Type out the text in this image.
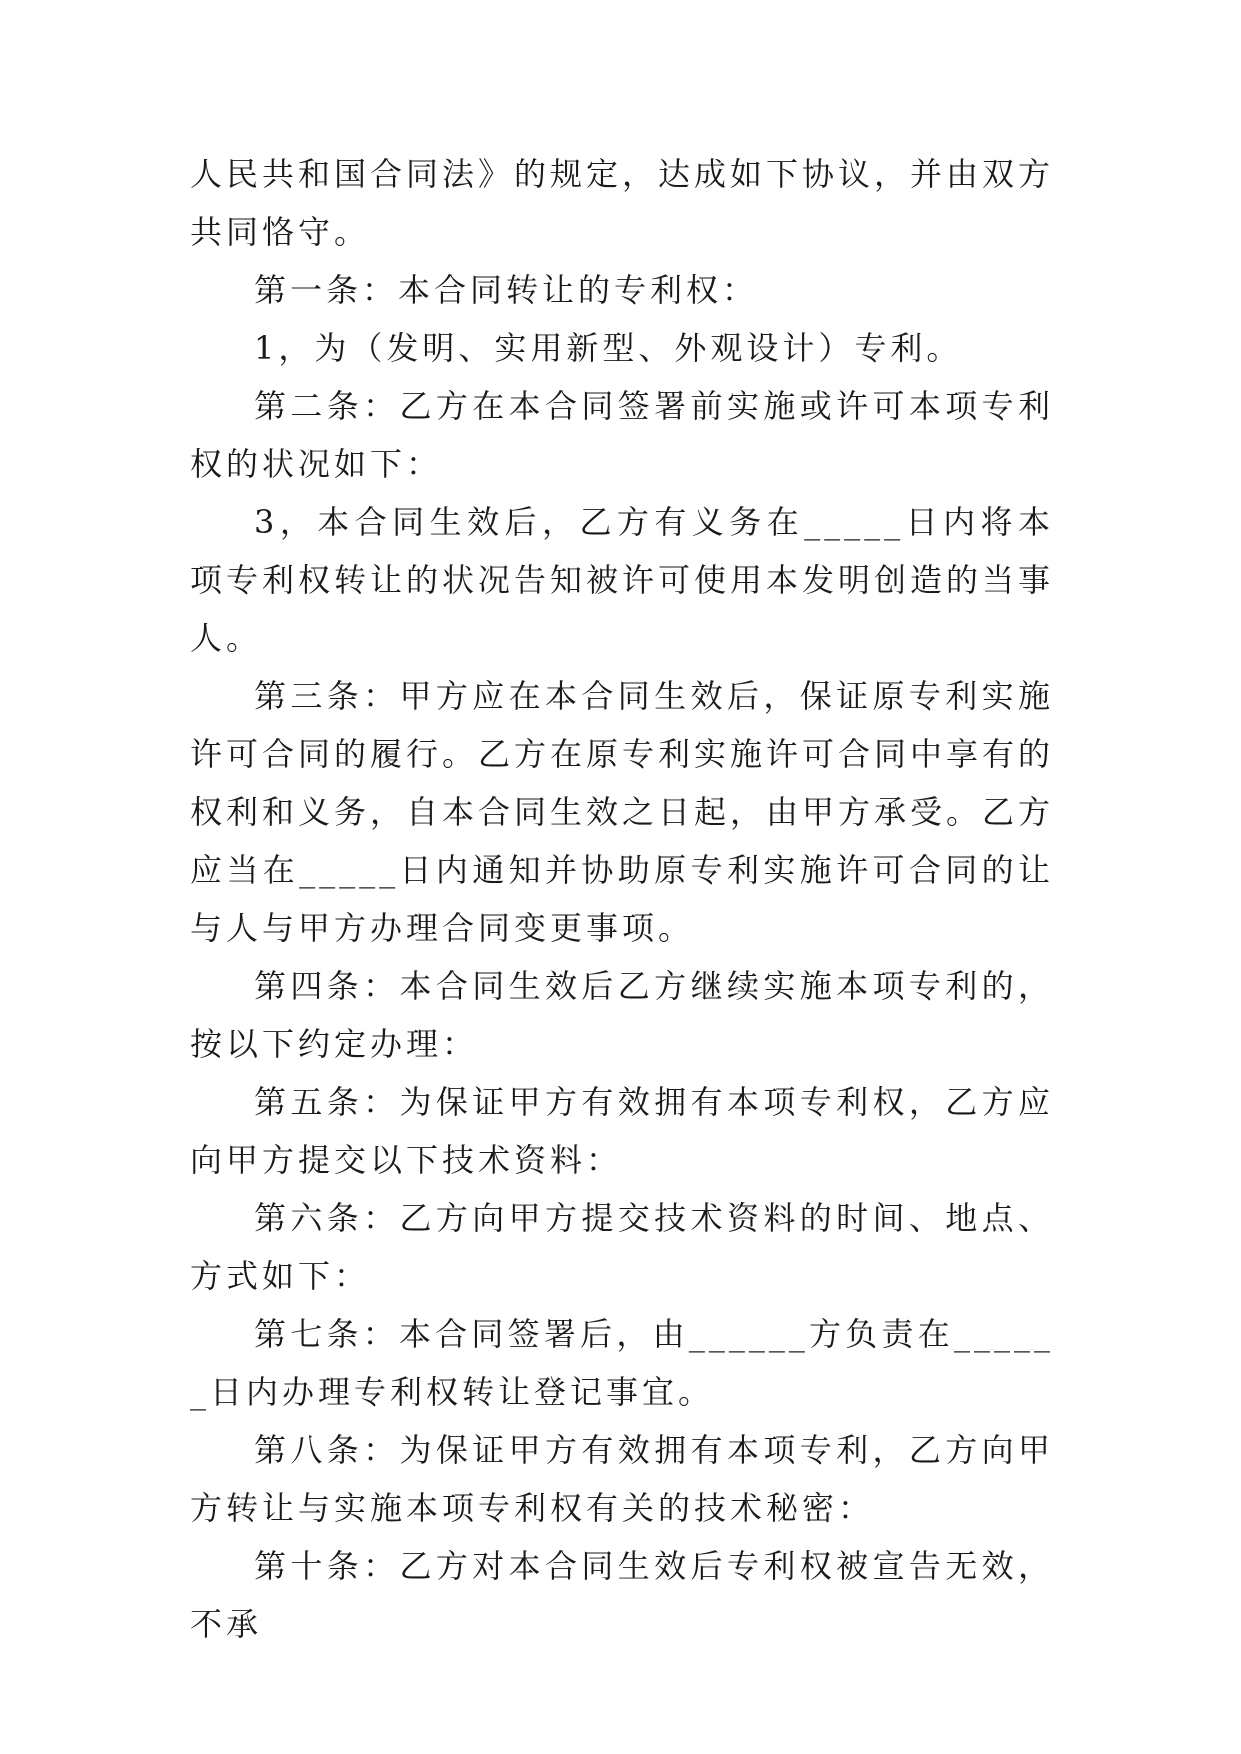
人民共和国合同法》的规定，达成如下协议，并由双方共同恪守。

第一条：本合同转让的专利权：

1，为（发明、实用新型、外观设计）专利。

第二条：乙方在本合同签署前实施或许可本项专利权的状况如下：

3，本合同生效后，乙方有义务在_____日内将本项专利权转让的状况告知被许可使用本发明创造的当事人。

第三条：甲方应在本合同生效后，保证原专利实施许可合同的履行。乙方在原专利实施许可合同中享有的权利和义务，自本合同生效之日起，由甲方承受。乙方应当在_____日内通知并协助原专利实施许可合同的让与人与甲方办理合同变更事项。

第四条：本合同生效后乙方继续实施本项专利的，按以下约定办理：

第五条：为保证甲方有效拥有本项专利权，乙方应向甲方提交以下技术资料：

第六条：乙方向甲方提交技术资料的时间、地点、方式如下：

第七条：本合同签署后，由______方负责在______日内办理专利权转让登记事宜。

第八条：为保证甲方有效拥有本项专利，乙方向甲方转让与实施本项专利权有关的技术秘密：

第十条：乙方对本合同生效后专利权被宣告无效，不承
